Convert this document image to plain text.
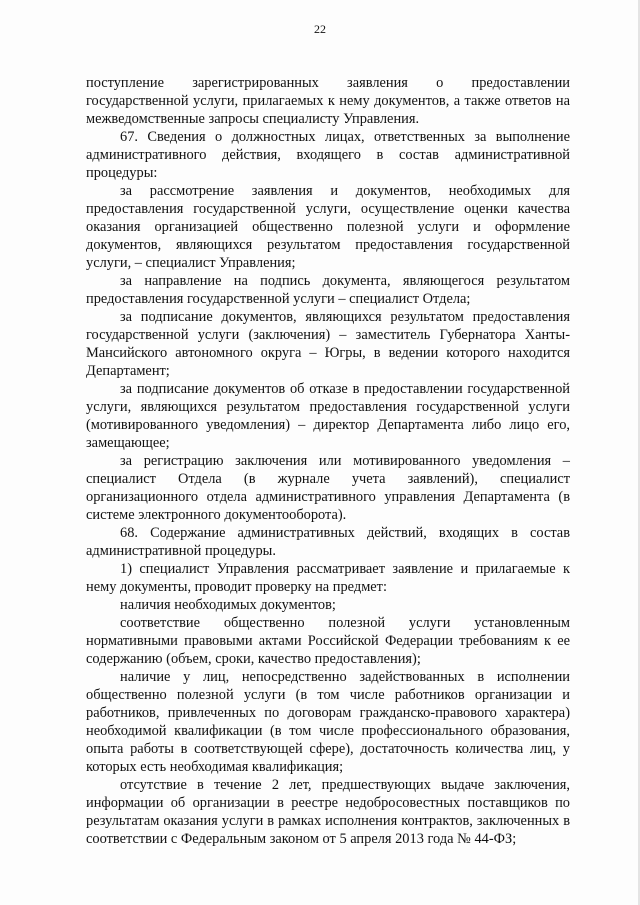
22

поступление зарегистрированных заявления о предоставлении государственной услуги, прилагаемых к нему документов, а также ответов на межведомственные запросы специалисту Управления.

67. Сведения о должностных лицах, ответственных за выполнение административного действия, входящего в состав административной процедуры:

за рассмотрение заявления и документов, необходимых для предоставления государственной услуги, осуществление оценки качества оказания организацией общественно полезной услуги и оформление документов, являющихся результатом предоставления государственной услуги, – специалист Управления;

за направление на подпись документа, являющегося результатом предоставления государственной услуги – специалист Отдела;

за подписание документов, являющихся результатом предоставления государственной услуги (заключения) – заместитель Губернатора Ханты-Мансийского автономного округа – Югры, в ведении которого находится Департамент;

за подписание документов об отказе в предоставлении государственной услуги, являющихся результатом предоставления государственной услуги (мотивированного уведомления) – директор Департамента либо лицо его, замещающее;

за регистрацию заключения или мотивированного уведомления – специалист Отдела (в журнале учета заявлений), специалист организационного отдела административного управления Департамента (в системе электронного документооборота).

68. Содержание административных действий, входящих в состав административной процедуры.

1) специалист Управления рассматривает заявление и прилагаемые к нему документы, проводит проверку на предмет:

наличия необходимых документов;

соответствие общественно полезной услуги установленным нормативными правовыми актами Российской Федерации требованиям к ее содержанию (объем, сроки, качество предоставления);

наличие у лиц, непосредственно задействованных в исполнении общественно полезной услуги (в том числе работников организации и работников, привлеченных по договорам гражданско-правового характера) необходимой квалификации (в том числе профессионального образования, опыта работы в соответствующей сфере), достаточность количества лиц, у которых есть необходимая квалификация;

отсутствие в течение 2 лет, предшествующих выдаче заключения, информации об организации в реестре недобросовестных поставщиков по результатам оказания услуги в рамках исполнения контрактов, заключенных в соответствии с Федеральным законом от 5 апреля 2013 года № 44-ФЗ;
